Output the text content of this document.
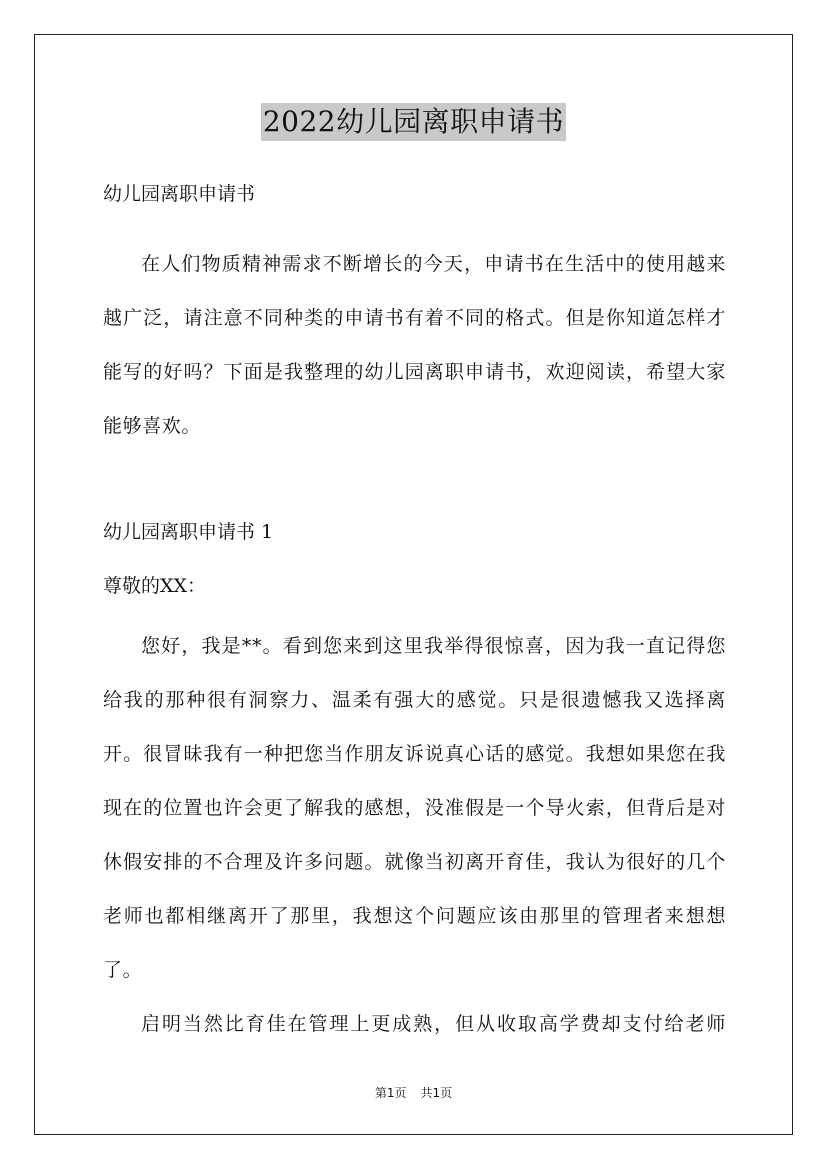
2022幼儿园离职申请书
幼儿园离职申请书
在人们物质精神需求不断增长的今天，申请书在生活中的使用越来越广泛，请注意不同种类的申请书有着不同的格式。但是你知道怎样才能写的好吗？下面是我整理的幼儿园离职申请书，欢迎阅读，希望大家能够喜欢。
幼儿园离职申请书 1
尊敬的XX：
您好，我是**。看到您来到这里我举得很惊喜，因为我一直记得您给我的那种很有洞察力、温柔有强大的感觉。只是很遗憾我又选择离开。很冒昧我有一种把您当作朋友诉说真心话的感觉。我想如果您在我现在的位置也许会更了解我的感想，没准假是一个导火索，但背后是对休假安排的不合理及许多问题。就像当初离开育佳，我认为很好的几个老师也都相继离开了那里，我想这个问题应该由那里的管理者来想想了。
启明当然比育佳在管理上更成熟，但从收取高学费却支付给老师
第1页 共1页
